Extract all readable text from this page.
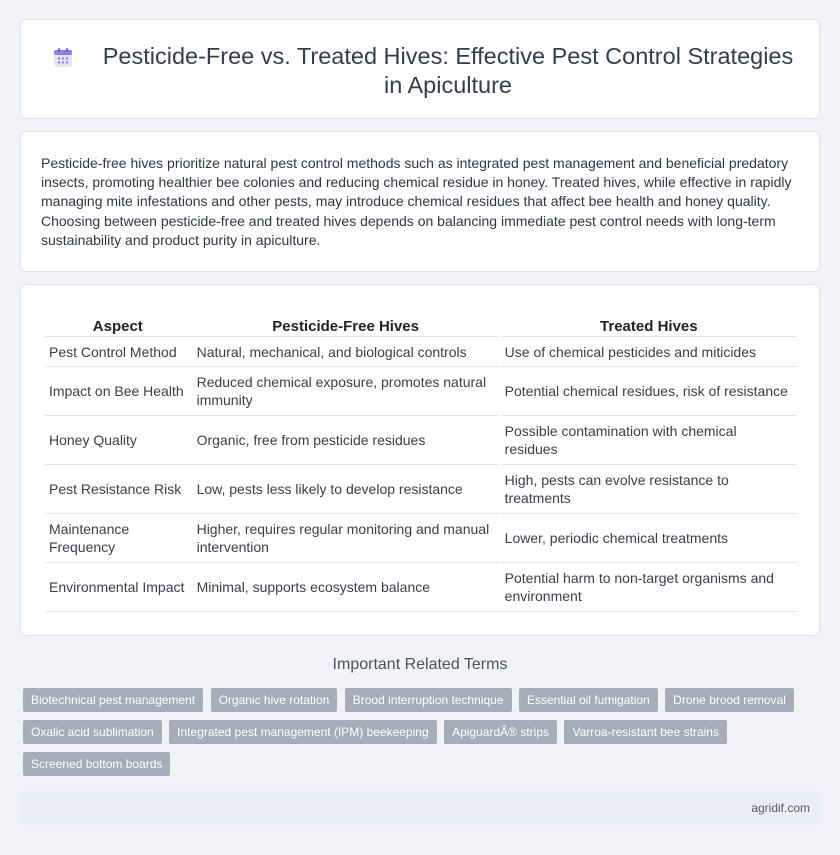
Pesticide-Free vs. Treated Hives: Effective Pest Control Strategies in Apiculture

Pesticide-free hives prioritize natural pest control methods such as integrated pest management and beneficial predatory insects, promoting healthier bee colonies and reducing chemical residue in honey. Treated hives, while effective in rapidly managing mite infestations and other pests, may introduce chemical residues that affect bee health and honey quality. Choosing between pesticide-free and treated hives depends on balancing immediate pest control needs with long-term sustainability and product purity in apiculture.

Aspect	Pesticide-Free Hives	Treated Hives
Pest Control Method	Natural, mechanical, and biological controls	Use of chemical pesticides and miticides
Impact on Bee Health	Reduced chemical exposure, promotes natural immunity	Potential chemical residues, risk of resistance
Honey Quality	Organic, free from pesticide residues	Possible contamination with chemical residues
Pest Resistance Risk	Low, pests less likely to develop resistance	High, pests can evolve resistance to treatments
Maintenance Frequency	Higher, requires regular monitoring and manual intervention	Lower, periodic chemical treatments
Environmental Impact	Minimal, supports ecosystem balance	Potential harm to non-target organisms and environment
Important Related Terms
Biotechnical pest management Organic hive rotation Brood interruption technique Essential oil fumigation Drone brood removal Oxalic acid sublimation Integrated pest management (IPM) beekeeping ApiguardÂ® strips Varroa-resistant bee strains Screened bottom boards
agridif.com
